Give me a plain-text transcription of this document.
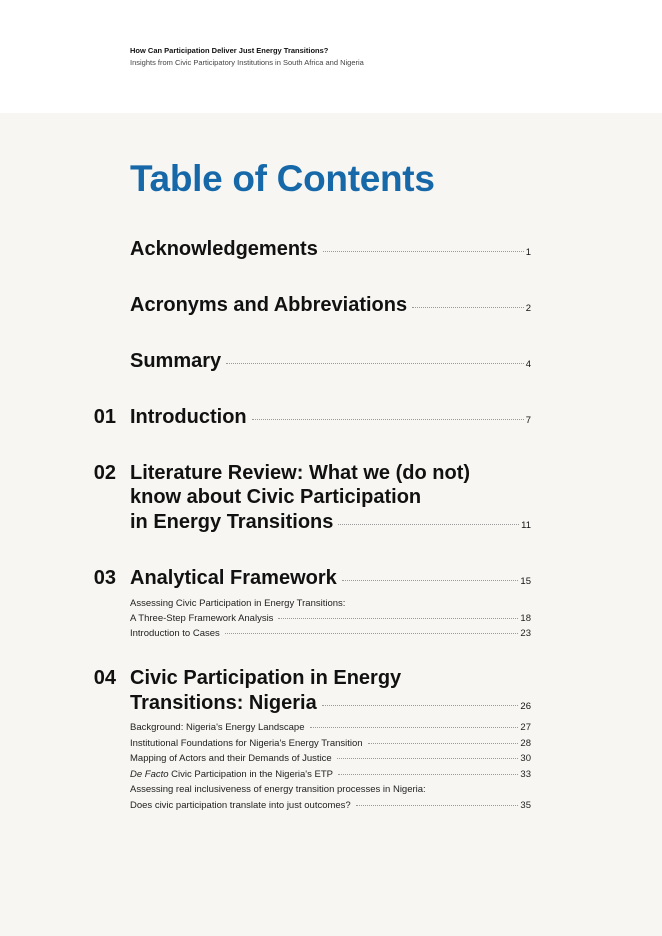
How Can Participation Deliver Just Energy Transitions?
Insights from Civic Participatory Institutions in South Africa and Nigeria
Table of Contents
Acknowledgements	1
Acronyms and Abbreviations	2
Summary	4
01 Introduction	7
02 Literature Review: What we (do not)
know about Civic Participation
in Energy Transitions	11
03 Analytical Framework	15
Assessing Civic Participation in Energy Transitions:
A Three-Step Framework Analysis	18
Introduction to Cases	23
04 Civic Participation in Energy
Transitions: Nigeria	26
Background: Nigeria's Energy Landscape	27
Institutional Foundations for Nigeria's Energy Transition	28
Mapping of Actors and their Demands of Justice	30
De Facto Civic Participation in the Nigeria's ETP	33
Assessing real inclusiveness of energy transition processes in Nigeria:
Does civic participation translate into just outcomes?	35
